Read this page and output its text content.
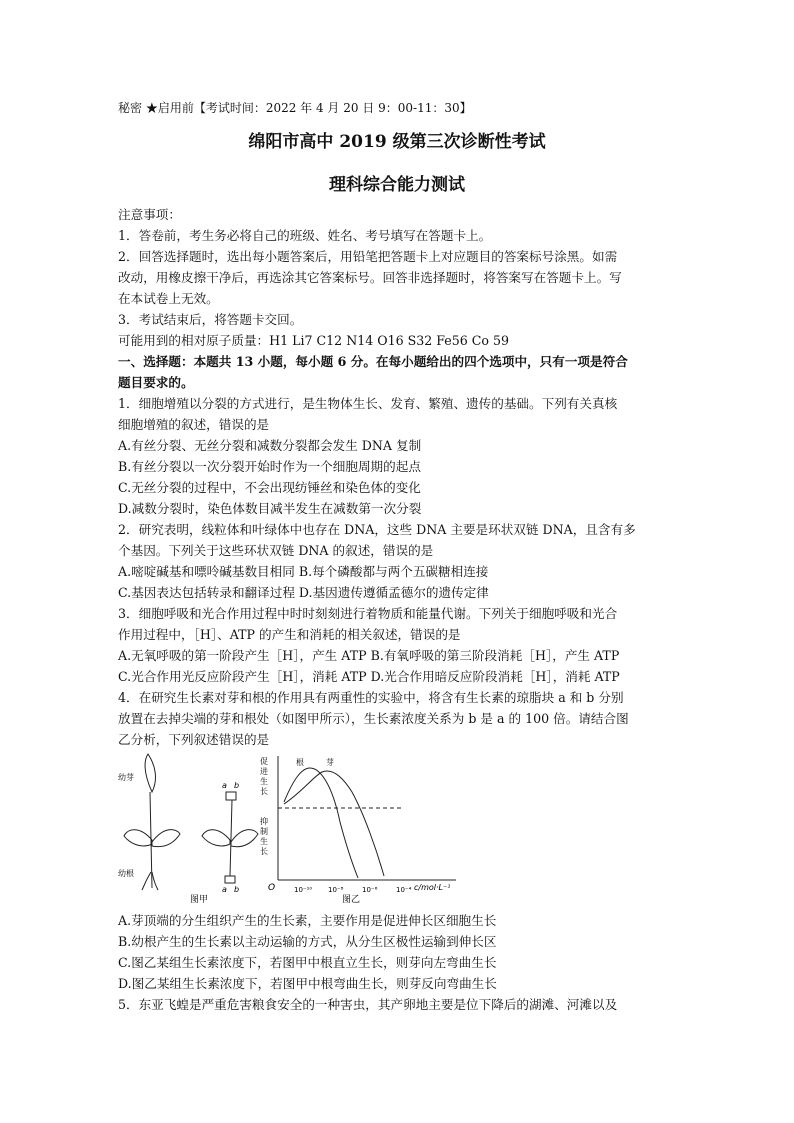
秘密 ★启用前【考试时间：2022 年 4 月 20 日 9：00-11：30】
绵阳市高中 2019 级第三次诊断性考试
理科综合能力测试
注意事项：
1．答卷前，考生务必将自己的班级、姓名、考号填写在答题卡上。
2．回答选择题时，选出每小题答案后，用铅笔把答题卡上对应题目的答案标号涂黑。如需
改动，用橡皮擦干净后，再选涂其它答案标号。回答非选择题时，将答案写在答题卡上。写
在本试卷上无效。
3．考试结束后，将答题卡交回。
可能用到的相对原子质量：H1 Li7 C12 N14 O16 S32 Fe56 Co 59
一、选择题：本题共 13 小题，每小题 6 分。在每小题给出的四个选项中，只有一项是符合
题目要求的。
1．细胞增殖以分裂的方式进行，是生物体生长、发育、繁殖、遗传的基础。下列有关真核
细胞增殖的叙述，错误的是
A.有丝分裂、无丝分裂和减数分裂都会发生 DNA 复制
B.有丝分裂以一次分裂开始时作为一个细胞周期的起点
C.无丝分裂的过程中，不会出现纺锤丝和染色体的变化
D.减数分裂时，染色体数目减半发生在减数第一次分裂
2．研究表明，线粒体和叶绿体中也存在 DNA，这些 DNA 主要是环状双链 DNA，且含有多
个基因。下列关于这些环状双链 DNA 的叙述，错误的是
A.嘧啶碱基和嘌呤碱基数目相同 B.每个磷酸都与两个五碳糖相连接
C.基因表达包括转录和翻译过程 D.基因遗传遵循孟德尔的遗传定律
3．细胞呼吸和光合作用过程中时时刻刻进行着物质和能量代谢。下列关于细胞呼吸和光合
作用过程中，［H］、ATP 的产生和消耗的相关叙述，错误的是
A.无氧呼吸的第一阶段产生［H］，产生 ATP B.有氧呼吸的第三阶段消耗［H］，产生 ATP
C.光合作用光反应阶段产生［H］，消耗 ATP D.光合作用暗反应阶段消耗［H］，消耗 ATP
4．在研究生长素对芽和根的作用具有两重性的实验中，将含有生长素的琼脂块 a 和 b 分别
放置在去掉尖端的芽和根处（如图甲所示），生长素浓度关系为 b 是 a 的 100 倍。请结合图
乙分析，下列叙述错误的是
幼芽
幼根
a b
a b
图甲
促
进
生
长
抑
制
生
长
根	芽
O	10⁻¹⁰ 10⁻⁸	10⁻⁶	10⁻⁴ c/mol·L⁻¹
图乙
A.芽顶端的分生组织产生的生长素，主要作用是促进伸长区细胞生长
B.幼根产生的生长素以主动运输的方式，从分生区极性运输到伸长区
C.图乙某组生长素浓度下，若图甲中根直立生长，则芽向左弯曲生长
D.图乙某组生长素浓度下，若图甲中根弯曲生长，则芽反向弯曲生长
5．东亚飞蝗是严重危害粮食安全的一种害虫，其产卵地主要是位下降后的湖滩、河滩以及
